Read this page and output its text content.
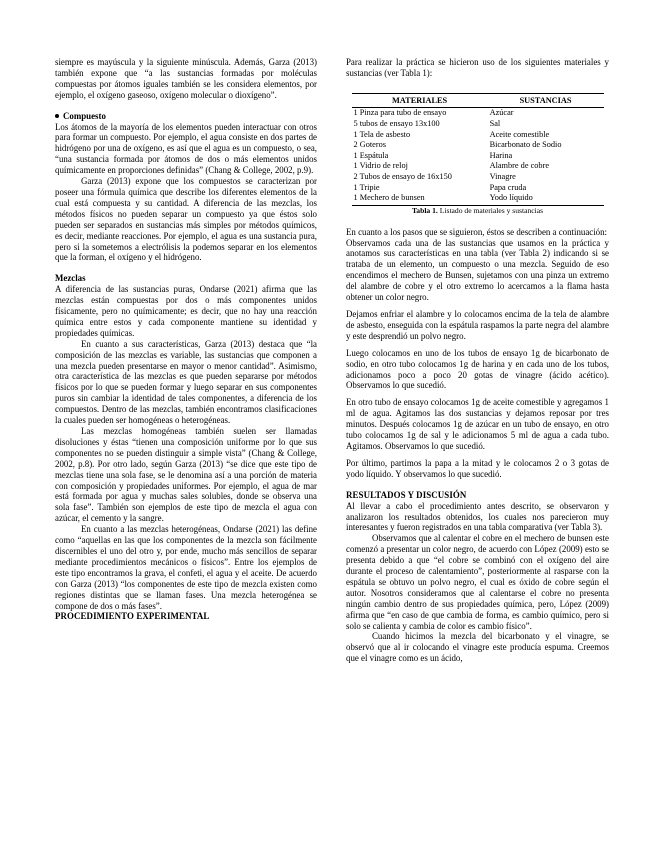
siempre es mayúscula y la siguiente minúscula. Además, Garza (2013) también expone que “a las sustancias formadas por moléculas compuestas por átomos iguales también se les considera elementos, por ejemplo, el oxígeno gaseoso, oxígeno molecular o dioxígeno”.

Compuesto

Los átomos de la mayoría de los elementos pueden interactuar con otros para formar un compuesto. Por ejemplo, el agua consiste en dos partes de hidrógeno por una de oxígeno, es así que el agua es un compuesto, o sea, “una sustancia formada por átomos de dos o más elementos unidos químicamente en proporciones definidas” (Chang & College, 2002, p.9).

Garza (2013) expone que los compuestos se caracterizan por poseer una fórmula química que describe los diferentes elementos de la cual está compuesta y su cantidad. A diferencia de las mezclas, los métodos físicos no pueden separar un compuesto ya que éstos solo pueden ser separados en sustancias más simples por métodos químicos, es decir, mediante reacciones. Por ejemplo, el agua es una sustancia pura, pero si la sometemos a electrólisis la podemos separar en los elementos que la forman, el oxígeno y el hidrógeno.

Mezclas

A diferencia de las sustancias puras, Ondarse (2021) afirma que las mezclas están compuestas por dos o más componentes unidos físicamente, pero no químicamente; es decir, que no hay una reacción química entre estos y cada componente mantiene su identidad y propiedades químicas.

En cuanto a sus características, Garza (2013) destaca que “la composición de las mezclas es variable, las sustancias que componen a una mezcla pueden presentarse en mayor o menor cantidad”. Asimismo, otra característica de las mezclas es que pueden separarse por métodos físicos por lo que se pueden formar y luego separar en sus componentes puros sin cambiar la identidad de tales componentes, a diferencia de los compuestos. Dentro de las mezclas, también encontramos clasificaciones la cuales pueden ser homogéneas o heterogéneas.

Las mezclas homogéneas también suelen ser llamadas disoluciones y éstas “tienen una composición uniforme por lo que sus componentes no se pueden distinguir a simple vista” (Chang & College, 2002, p.8). Por otro lado, según Garza (2013) “se dice que este tipo de mezclas tiene una sola fase, se le denomina así a una porción de materia con composición y propiedades uniformes. Por ejemplo, el agua de mar está formada por agua y muchas sales solubles, donde se observa una sola fase”. También son ejemplos de este tipo de mezcla el agua con azúcar, el cemento y la sangre.

En cuanto a las mezclas heterogéneas, Ondarse (2021) las define como “aquellas en las que los componentes de la mezcla son fácilmente discernibles el uno del otro y, por ende, mucho más sencillos de separar mediante procedimientos mecánicos o físicos”. Entre los ejemplos de este tipo encontramos la grava, el confeti, el agua y el aceite. De acuerdo con Garza (2013) “los componentes de este tipo de mezcla existen como regiones distintas que se llaman fases. Una mezcla heterogénea se compone de dos o más fases”.

PROCEDIMIENTO EXPERIMENTAL

Para realizar la práctica se hicieron uso de los siguientes materiales y sustancias (ver Tabla 1):

MATERIALES	SUSTANCIAS
1 Pinza para tubo de ensayo	Azúcar
5 tubos de ensayo 13x100	Sal
1 Tela de asbesto	Aceite comestible
2 Goteros	Bicarbonato de Sodio
1 Espátula	Harina
1 Vidrio de reloj	Alambre de cobre
2 Tubos de ensayo de 16x150	Vinagre
1 Tripie	Papa cruda
1 Mechero de bunsen	Yodo líquido

Tabla 1. Listado de materiales y sustancias

En cuanto a los pasos que se siguieron, éstos se describen a continuación:

Observamos cada una de las sustancias que usamos en la práctica y anotamos sus características en una tabla (ver Tabla 2) indicando si se trataba de un elemento, un compuesto o una mezcla. Seguido de eso encendimos el mechero de Bunsen, sujetamos con una pinza un extremo del alambre de cobre y el otro extremo lo acercamos a la flama hasta obtener un color negro.

Dejamos enfriar el alambre y lo colocamos encima de la tela de alambre de asbesto, enseguida con la espátula raspamos la parte negra del alambre y este desprendió un polvo negro.

Luego colocamos en uno de los tubos de ensayo 1g de bicarbonato de sodio, en otro tubo colocamos 1g de harina y en cada uno de los tubos, adicionamos poco a poco 20 gotas de vinagre (ácido acético). Observamos lo que sucedió.

En otro tubo de ensayo colocamos 1g de aceite comestible y agregamos 1 ml de agua. Agitamos las dos sustancias y dejamos reposar por tres minutos. Después colocamos 1g de azúcar en un tubo de ensayo, en otro tubo colocamos 1g de sal y le adicionamos 5 ml de agua a cada tubo. Agitamos. Observamos lo que sucedió.

Por último, partimos la papa a la mitad y le colocamos 2 o 3 gotas de yodo líquido. Y observamos lo que sucedió.

RESULTADOS Y DISCUSIÓN

Al llevar a cabo el procedimiento antes descrito, se observaron y analizaron los resultados obtenidos, los cuales nos parecieron muy interesantes y fueron registrados en una tabla comparativa (ver Tabla 3).

Observamos que al calentar el cobre en el mechero de bunsen este comenzó a presentar un color negro, de acuerdo con López (2009) esto se presenta debido a que “el cobre se combinó con el oxígeno del aire durante el proceso de calentamiento”, posteriormente al rasparse con la espátula se obtuvo un polvo negro, el cual es óxido de cobre según el autor. Nosotros consideramos que al calentarse el cobre no presenta ningún cambio dentro de sus propiedades química, pero, López (2009) afirma que “en caso de que cambia de forma, es cambio químico, pero si solo se calienta y cambia de color es cambio físico”.

Cuando hicimos la mezcla del bicarbonato y el vinagre, se observó que al ir colocando el vinagre este producía espuma. Creemos que el vinagre como es un ácido,
